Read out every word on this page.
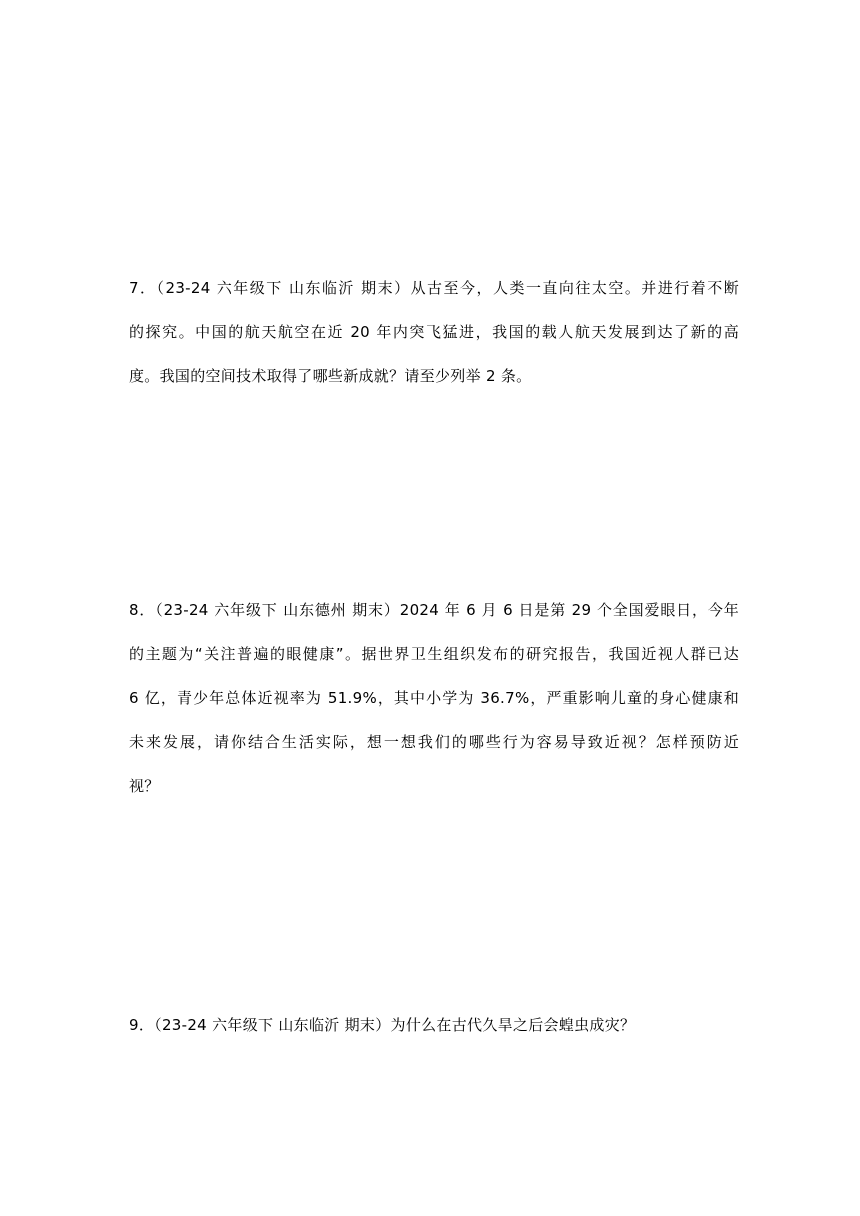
7．（23-24 六年级下 山东临沂 期末）从古至今，人类一直向往太空。并进行着不断
的探究。中国的航天航空在近 20 年内突飞猛进，我国的载人航天发展到达了新的高
度。我国的空间技术取得了哪些新成就？请至少列举 2 条。
8．（23-24 六年级下 山东德州 期末）2024 年 6 月 6 日是第 29 个全国爱眼日，今年
的主题为“关注普遍的眼健康”。据世界卫生组织发布的研究报告，我国近视人群已达
6 亿，青少年总体近视率为 51.9%，其中小学为 36.7%，严重影响儿童的身心健康和
未来发展，请你结合生活实际，想一想我们的哪些行为容易导致近视？怎样预防近
视？
9．（23-24 六年级下 山东临沂 期末）为什么在古代久旱之后会蝗虫成灾？
